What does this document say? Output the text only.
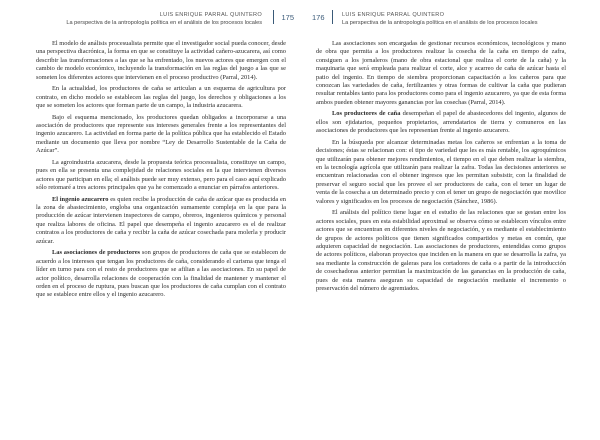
LUIS ENRIQUE PARRAL QUINTERO
La perspectiva de la antropología política en el análisis de los procesos locales
175

El modelo de análisis procesualista permite que el investigador social pueda conocer, desde una perspectiva diacrónica, la forma en que se constituye la actividad cañero-azucarera, así como describir las transformaciones a las que se ha enfrentado, los nuevos actores que emergen con el cambio de modelo económico, incluyendo la transformación en las reglas del juego a las que se someten los diferentes actores que intervienen en el proceso productivo (Parral, 2014).

En la actualidad, los productores de caña se articulan a un esquema de agricultura por contrato, en dicho modelo se establecen las reglas del juego, los derechos y obligaciones a los que se someten los actores que forman parte de un campo, la industria azucarera.

Bajo el esquema mencionado, los productores quedan obligados a incorporarse a una asociación de productores que represente sus intereses generales frente a los representantes del ingenio azucarero. La actividad en forma parte de la política pública que ha establecido el Estado mediante un documento que lleva por nombre “Ley de Desarrollo Sustentable de la Caña de Azúcar”.

La agroindustria azucarera, desde la propuesta teórica procesualista, constituye un campo, pues en ella se presenta una complejidad de relaciones sociales en la que intervienen diversos actores que participan en ella; el análisis puede ser muy extenso, pero para el caso aquí explicado sólo retomaré a tres actores principales que ya he comenzado a enunciar en párrafos anteriores.

El ingenio azucarero es quien recibe la producción de caña de azúcar que es producida en la zona de abastecimiento, engloba una organización sumamente compleja en la que para la producción de azúcar intervienen inspectores de campo, obreros, ingenieros químicos y personal que realiza labores de oficina. El papel que desempeña el ingenio azucarero es el de realizar contratos a los productores de caña y recibir la caña de azúcar cosechada para molerla y producir azúcar.

Las asociaciones de productores son grupos de productores de caña que se establecen de acuerdo a los intereses que tengan los productores de caña, considerando el carisma que tenga el líder en turno para con el resto de productores que se afilian a las asociaciones. En su papel de actor político, desarrolla relaciones de cooperación con la finalidad de mantener y mantener el orden en el proceso de ruptura, pues buscan que los productores de caña cumplan con el contrato que se establece entre ellos y el ingenio azucarero.

176	LUIS ENRIQUE PARRAL QUINTERO
La perspectiva de la antropología política en el análisis de los procesos locales

Las asociaciones son encargadas de gestionar recursos económicos, tecnológicos y mano de obra que permita a los productores realizar la cosecha de la caña en tiempo de zafra, consiguen a los jornaleros (mano de obra estacional que realiza el corte de la caña) y la maquinaria que será empleada para realizar el corte, alce y acarreo de caña de azúcar hasta el patio del ingenio. En tiempo de siembra proporcionan capacitación a los cañeros para que conozcan las variedades de caña, fertilizantes y otras formas de cultivar la caña que pudieran resultar rentables tanto para los productores como para el ingenio azucarero, ya que de esta forma ambos pueden obtener mayores ganancias por las cosechas (Parral, 2014).

Los productores de caña desempeñan el papel de abastecedores del ingenio, algunos de ellos son ejidatarios, pequeños propietarios, arrendatarios de tierra y comuneros en las asociaciones de productores que les representan frente al ingenio azucarero.

En la búsqueda por alcanzar determinadas metas los cañeros se enfrentan a la toma de decisiones; éstas se relacionan con: el tipo de variedad que les es más rentable, los agroquímicos que utilizarán para obtener mejores rendimientos, el tiempo en el que deben realizar la siembra, en la tecnología agrícola que utilizarán para realizar la zafra. Todas las decisiones anteriores se encuentran relacionadas con el obtener ingresos que les permitan subsistir, con la finalidad de preservar el seguro social que les provee el ser productores de caña, con el tener un lugar de venta de la cosecha a un determinado precio y con el tener un grupo de negociación que movilice valores y significados en los procesos de negociación (Sánchez, 1986).

El análisis del político tiene lugar en el estudio de las relaciones que se gestan entre los actores sociales, pues en esta estabilidad aproximal se observa cómo se establecen vínculos entre actores que se encuentran en diferentes niveles de negociación, y es mediante el establecimiento de grupos de actores políticos que tienen significados compartidos y metas en común, que adquieren capacidad de negociación. Las asociaciones de productores, entendidas como grupos de actores políticos, elaboran proyectos que inciden en la manera en que se desarrolla la zafra, ya sea mediante la construcción de galeras para los cortadores de caña o a partir de la introducción de cosechadoras anterior permitan la maximización de las ganancias en la producción de caña, pues de esta manera aseguran su capacidad de negociación mediante el incremento o preservación del número de agremiados.
